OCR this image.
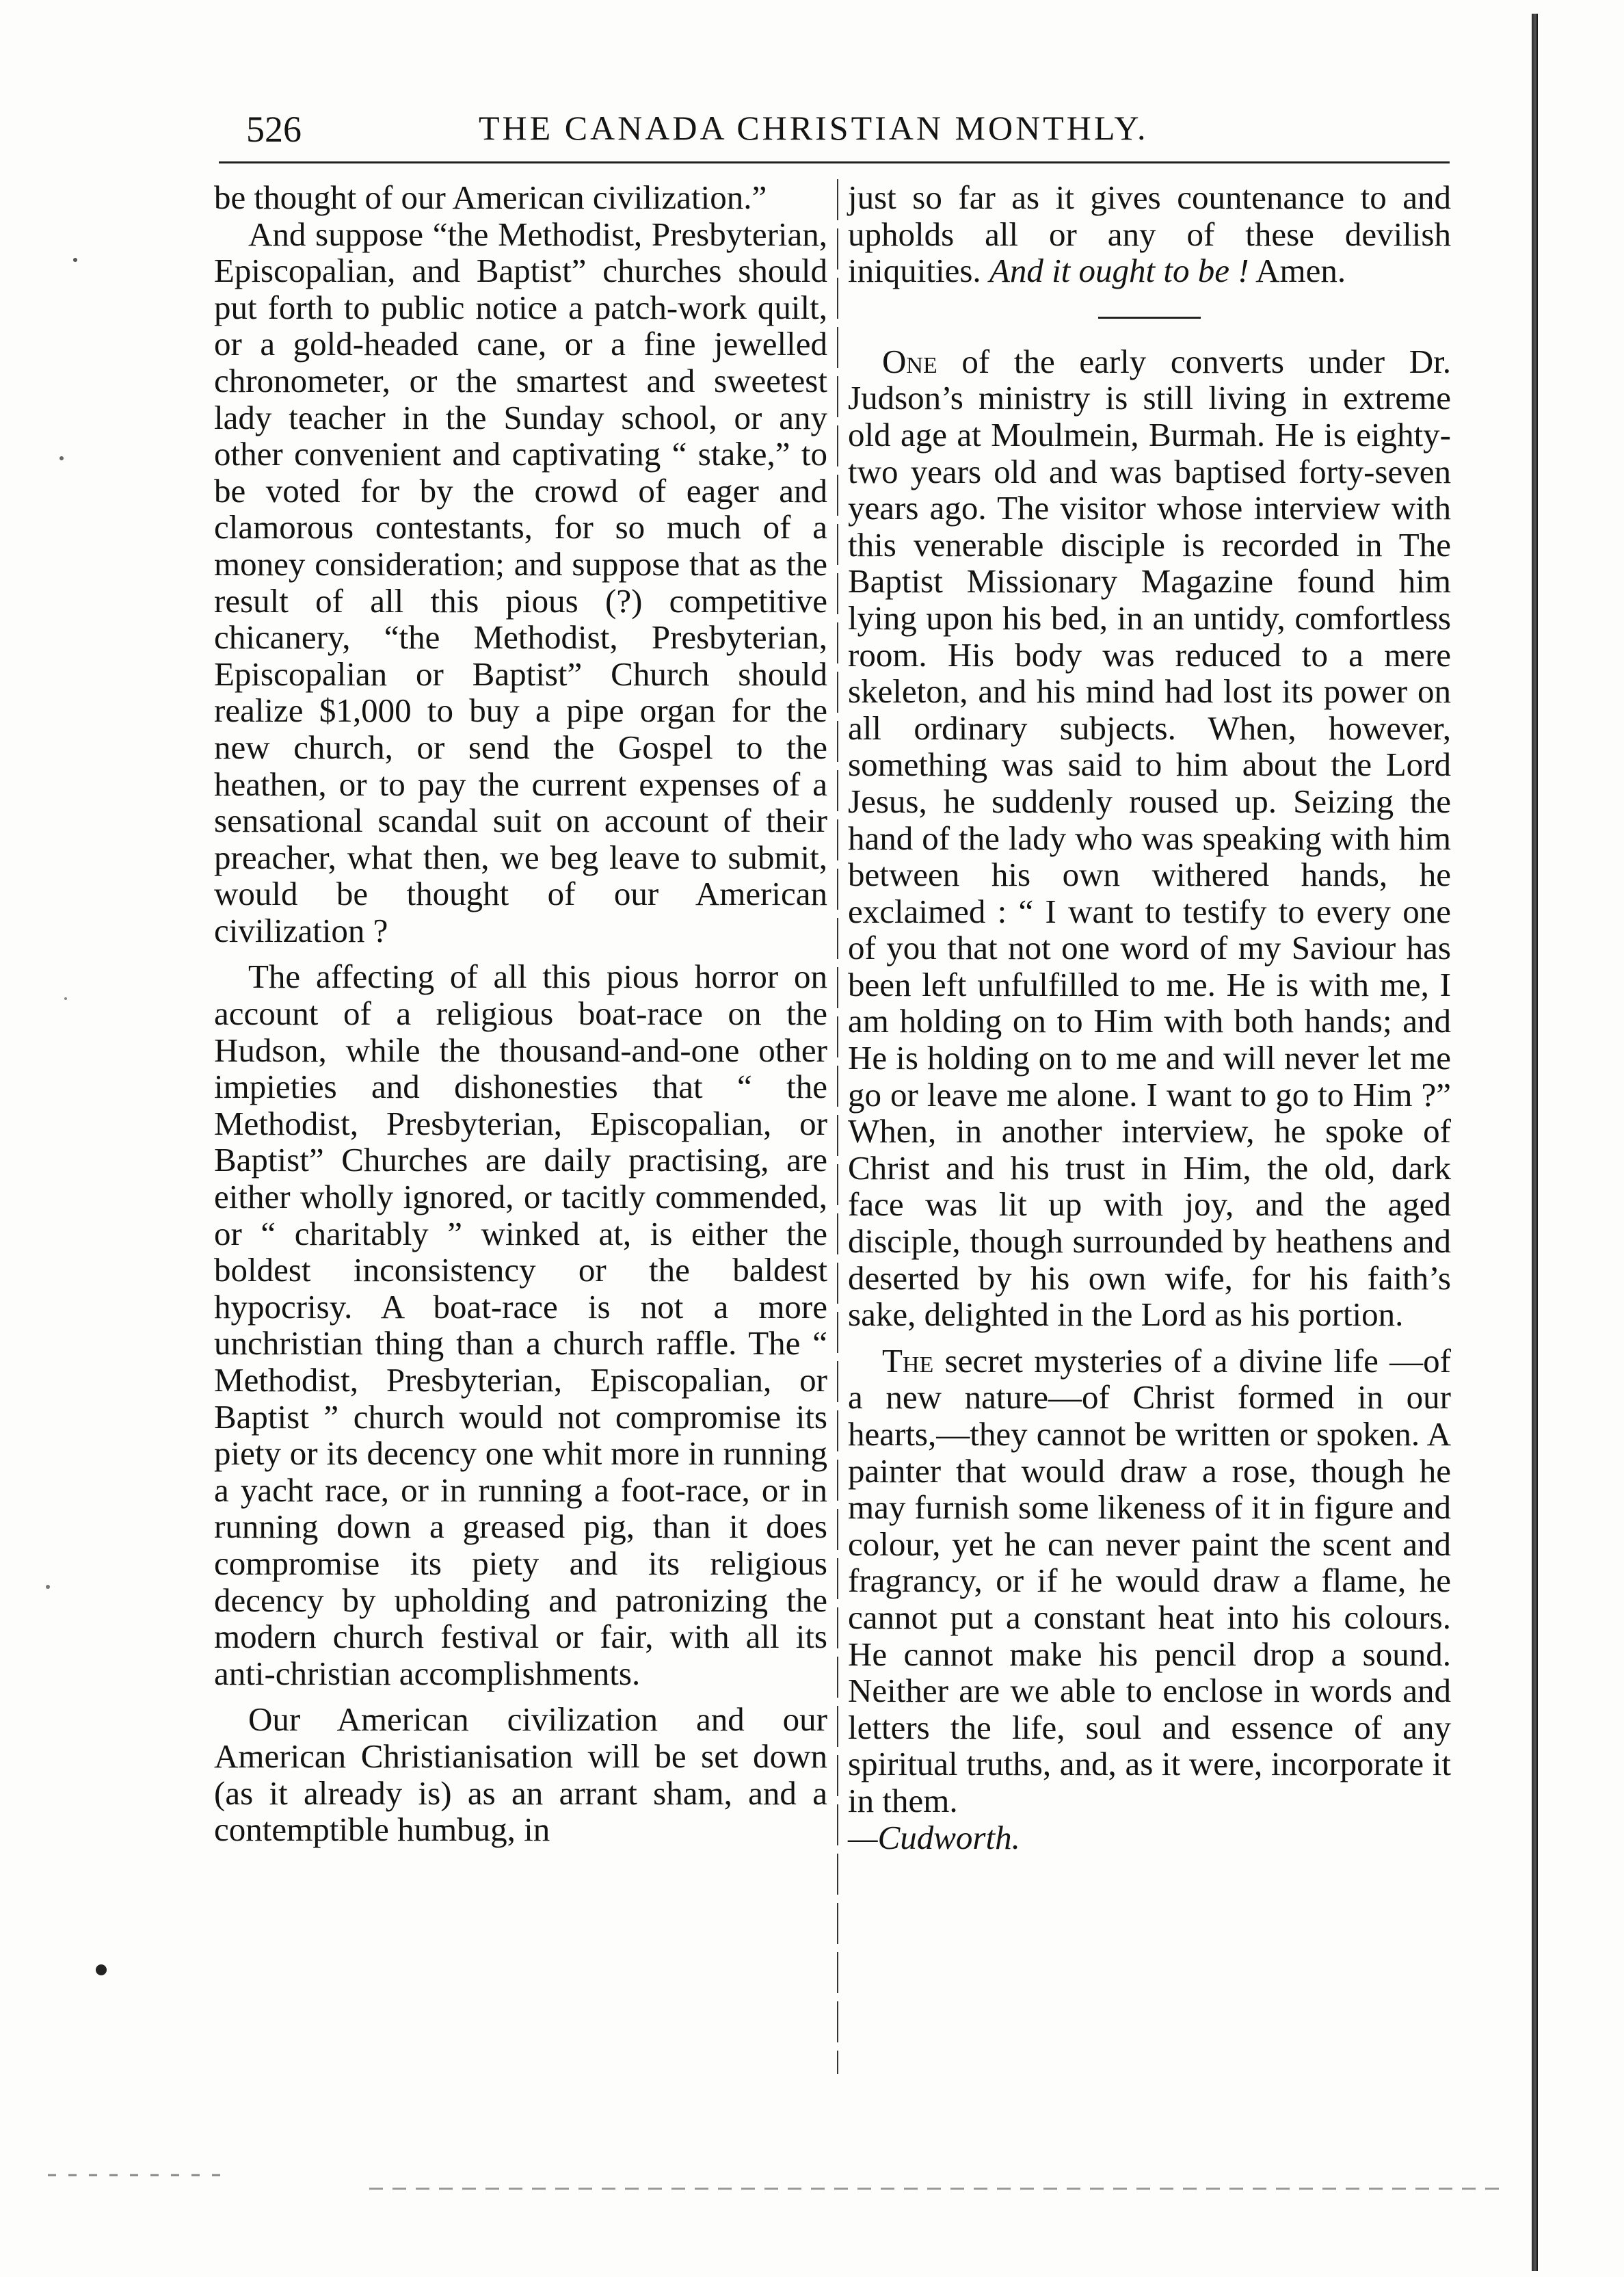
526	THE CANADA CHRISTIAN MONTHLY.

be thought of our American civilization.”

And suppose “the Methodist, Presbyterian, Episcopalian, and Baptist” churches should put forth to public notice a patch-work quilt, or a gold-headed cane, or a fine jewelled chronometer, or the smartest and sweetest lady teacher in the Sunday school, or any other convenient and captivating “ stake,” to be voted for by the crowd of eager and clamorous contestants, for so much of a money consideration; and suppose that as the result of all this pious (?) competitive chicanery, “the Methodist, Presbyterian, Episcopalian or Baptist” Church should realize $1,000 to buy a pipe organ for the new church, or send the Gospel to the heathen, or to pay the current expenses of a sensational scandal suit on account of their preacher, what then, we beg leave to submit, would be thought of our American civilization ?

The affecting of all this pious horror on account of a religious boat-race on the Hudson, while the thousand-and-one other impieties and dishonesties that “ the Methodist, Presbyterian, Episcopalian, or Baptist” Churches are daily practising, are either wholly ignored, or tacitly commended, or “ charitably ” winked at, is either the boldest inconsistency or the baldest hypocrisy. A boat-race is not a more unchristian thing than a church raffle. The “ Methodist, Presbyterian, Episcopalian, or Baptist ” church would not compromise its piety or its decency one whit more in running a yacht race, or in running a foot-race, or in running down a greased pig, than it does compromise its piety and its religious decency by upholding and patronizing the modern church festival or fair, with all its anti-christian accomplishments.

Our American civilization and our American Christianisation will be set down (as it already is) as an arrant sham, and a contemptible humbug, in

just so far as it gives countenance to and upholds all or any of these devilish iniquities. And it ought to be ! Amen.

One of the early converts under Dr. Judson’s ministry is still living in extreme old age at Moulmein, Burmah. He is eighty-two years old and was baptised forty-seven years ago. The visitor whose interview with this venerable disciple is recorded in The Baptist Missionary Magazine found him lying upon his bed, in an untidy, comfortless room. His body was reduced to a mere skeleton, and his mind had lost its power on all ordinary subjects. When, however, something was said to him about the Lord Jesus, he suddenly roused up. Seizing the hand of the lady who was speaking with him between his own withered hands, he exclaimed : “ I want to testify to every one of you that not one word of my Saviour has been left unfulfilled to me. He is with me, I am holding on to Him with both hands; and He is holding on to me and will never let me go or leave me alone. I want to go to Him ?” When, in another interview, he spoke of Christ and his trust in Him, the old, dark face was lit up with joy, and the aged disciple, though surrounded by heathens and deserted by his own wife, for his faith’s sake, delighted in the Lord as his portion.

The secret mysteries of a divine life —of a new nature—of Christ formed in our hearts,—they cannot be written or spoken. A painter that would draw a rose, though he may furnish some likeness of it in figure and colour, yet he can never paint the scent and fragrancy, or if he would draw a flame, he cannot put a constant heat into his colours. He cannot make his pencil drop a sound. Neither are we able to enclose in words and letters the life, soul and essence of any spiritual truths, and, as it were, incorporate it in them.

—Cudworth.
